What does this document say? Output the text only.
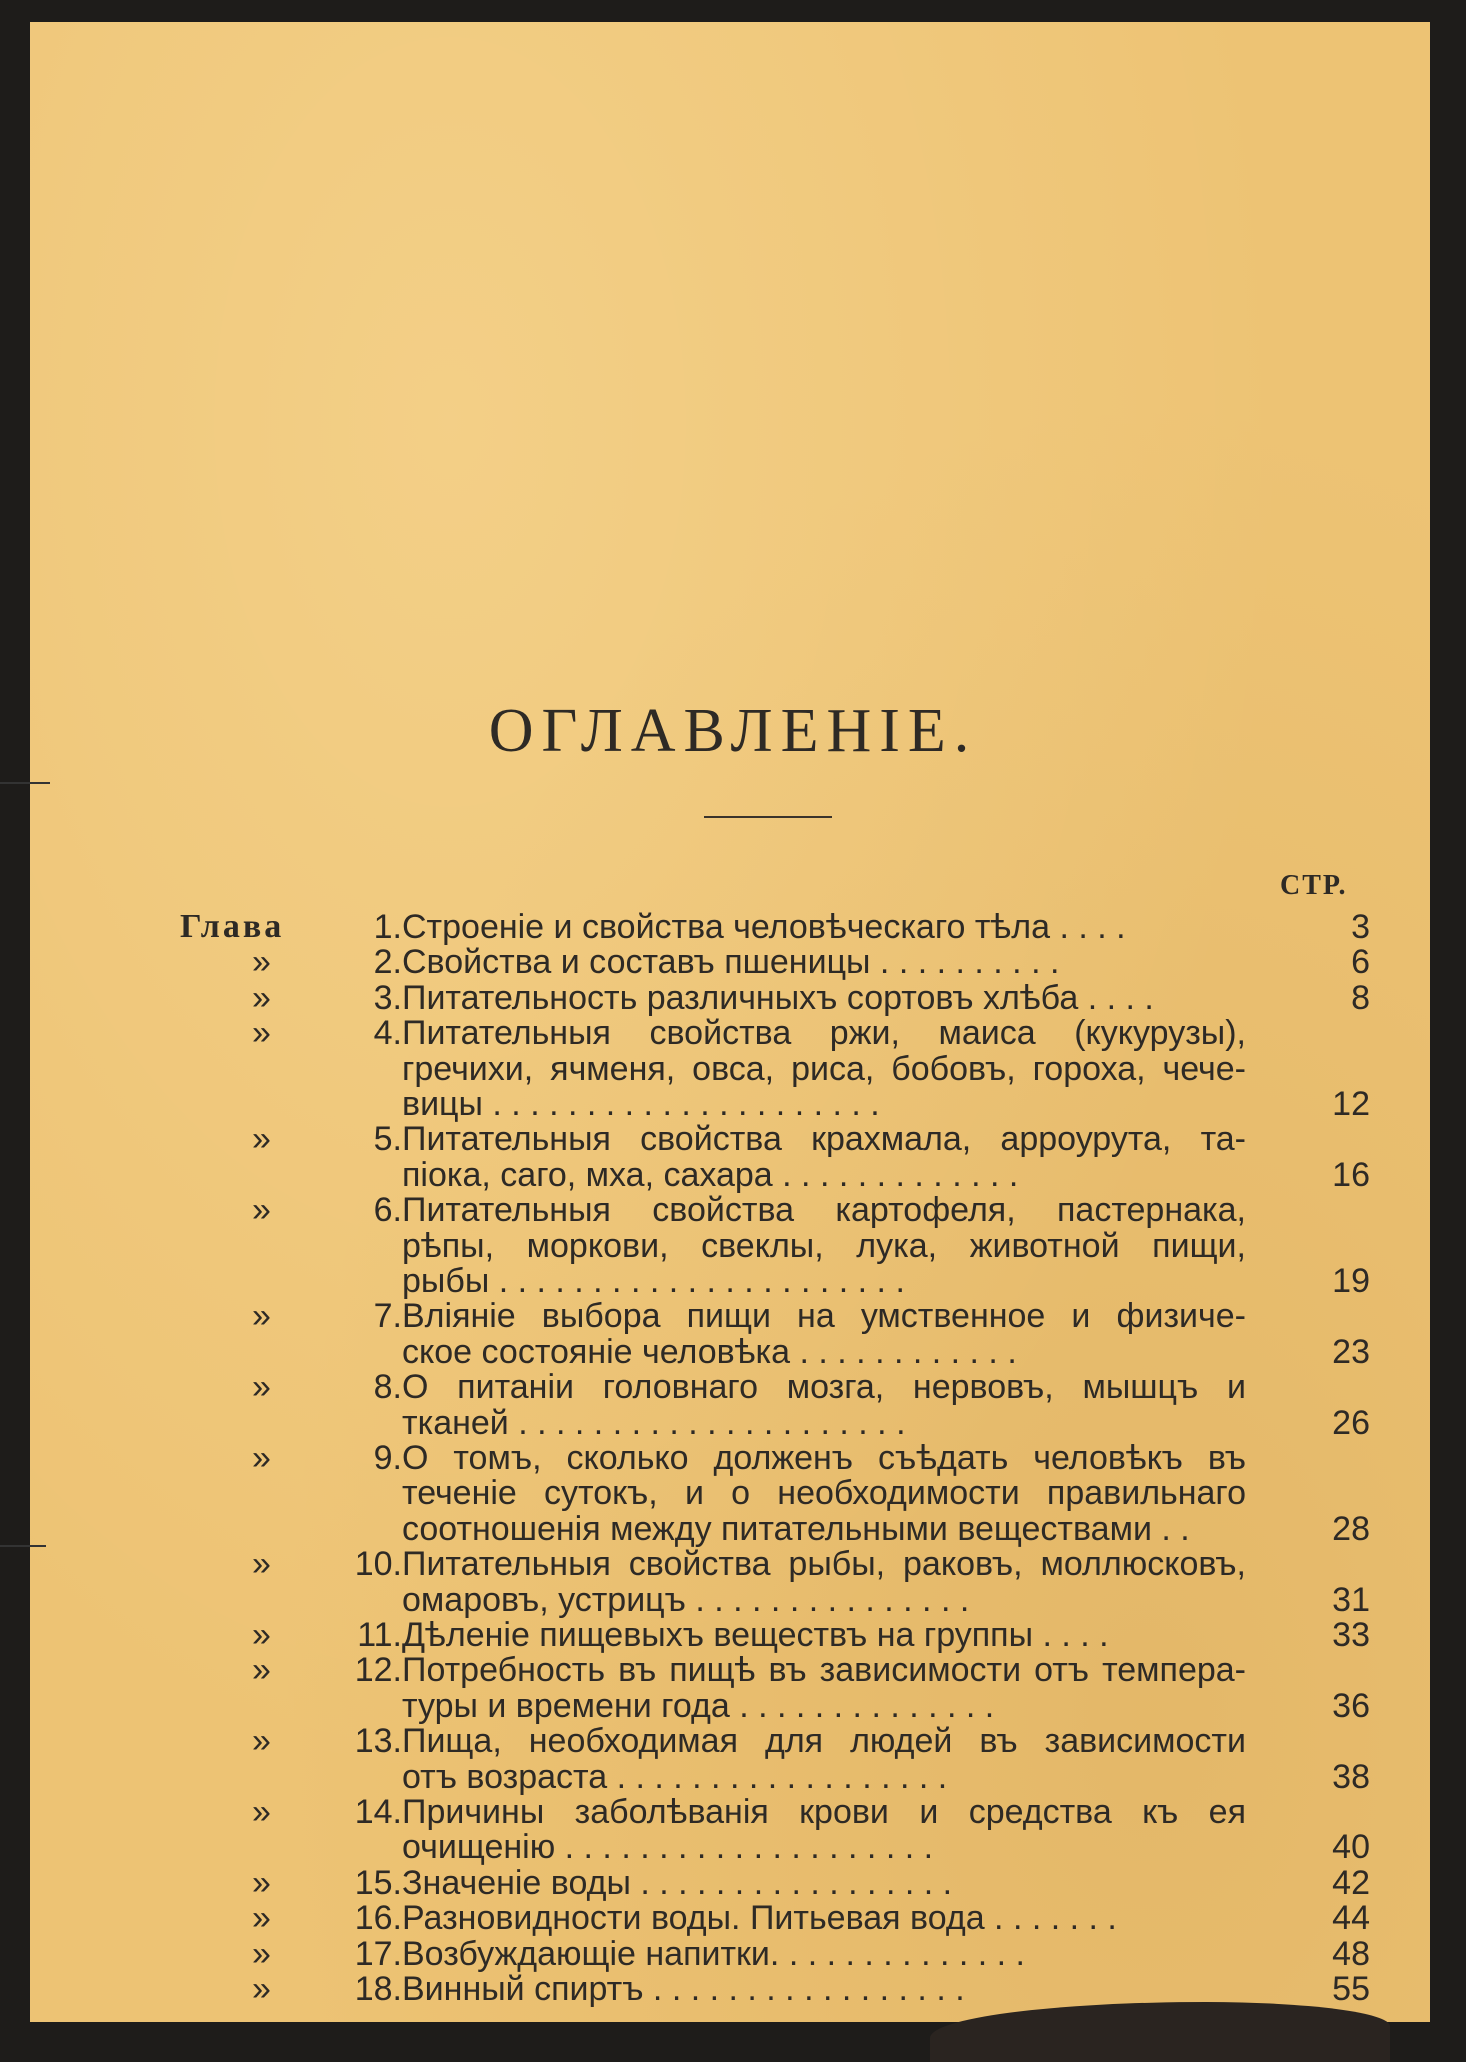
ОГЛАВЛЕНІЕ.
СТР.
Глава	1. Строеніе и свойства человѣческаго тѣла . . . .	3
»	2. Свойства и составъ пшеницы . . . . . . . . . .	6
»	3. Питательность различныхъ сортовъ хлѣба . . . .	8
»	4. Питательныя свойства ржи, маиса (кукурузы),
гречихи, ячменя, овса, риса, бобовъ, гороха, чече-
вицы . . . . . . . . . . . . . . . . . . . . .	12
»	5. Питательныя свойства крахмала, арроурута, та-
піока, саго, мха, сахара . . . . . . . . . . . . .	16
»	6. Питательныя свойства картофеля, пастернака,
рѣпы, моркови, свеклы, лука, животной пищи,
рыбы . . . . . . . . . . . . . . . . . . . . . .	19
»	7. Вліяніе выбора пищи на умственное и физиче-
ское состояніе человѣка . . . . . . . . . . . .	23
»	8. О питаніи головнаго мозга, нервовъ, мышцъ и
тканей . . . . . . . . . . . . . . . . . . . . .	26
»	9. О томъ, сколько долженъ съѣдать человѣкъ въ
теченіе сутокъ, и о необходимости правильнаго
соотношенія между питательными веществами . .	28
»	10. Питательныя свойства рыбы, раковъ, моллюсковъ,
омаровъ, устрицъ . . . . . . . . . . . . . . .	31
»	11. Дѣленіе пищевыхъ веществъ на группы . . . .	33
»	12. Потребность въ пищѣ въ зависимости отъ темпера-
туры и времени года . . . . . . . . . . . . . .	36
»	13. Пища, необходимая для людей въ зависимости
отъ возраста . . . . . . . . . . . . . . . . . .	38
»	14. Причины заболѣванія крови и средства къ ея
очищенію . . . . . . . . . . . . . . . . . . . .	40
»	15. Значеніе воды . . . . . . . . . . . . . . . . .	42
»	16. Разновидности воды. Питьевая вода . . . . . . .	44
»	17. Возбуждающіе напитки. . . . . . . . . . . . . .	48
»	18. Винный спиртъ . . . . . . . . . . . . . . . . .	55
